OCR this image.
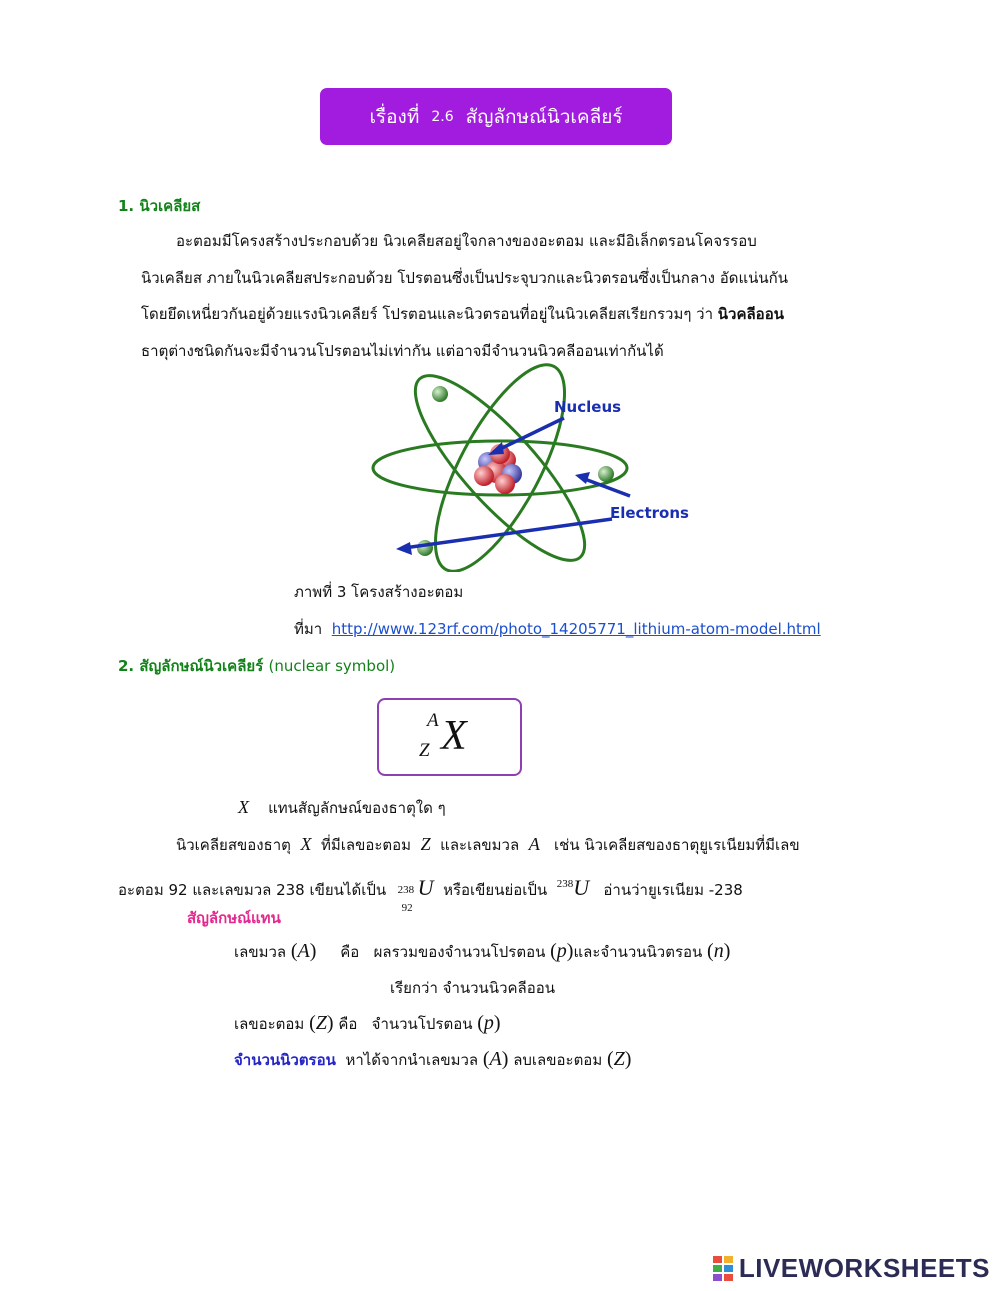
เรื่องที่ 2.6 สัญลักษณ์นิวเคลียร์
1. นิวเคลียส
อะตอมมีโครงสร้างประกอบด้วย นิวเคลียสอยู่ใจกลางของอะตอม และมีอิเล็กตรอนโคจรรอบ
นิวเคลียส ภายในนิวเคลียสประกอบด้วย โปรตอนซึ่งเป็นประจุบวกและนิวตรอนซึ่งเป็นกลาง อัดแน่นกัน
โดยยึดเหนี่ยวกันอยู่ด้วยแรงนิวเคลียร์ โปรตอนและนิวตรอนที่อยู่ในนิวเคลียสเรียกรวมๆ ว่า นิวคลีออน
ธาตุต่างชนิดกันจะมีจำนวนโปรตอนไม่เท่ากัน แต่อาจมีจำนวนนิวคลีออนเท่ากันได้
Nucleus
Electrons
ภาพที่ 3 โครงสร้างอะตอม
ที่มา http://www.123rf.com/photo_14205771_lithium-atom-model.html
2. สัญลักษณ์นิวเคลียร์ (nuclear symbol)
A
Z X
X แทนสัญลักษณ์ของธาตุใด ๆ
นิวเคลียสของธาตุ X ที่มีเลขอะตอม Z และเลขมวล A เช่น นิวเคลียสของธาตุยูเรเนียมที่มีเลข
อะตอม 92 และเลขมวล 238 เขียนได้เป็น 238
92
U หรือเขียนย่อเป็น $^{238}$U อ่านว่ายูเรเนียม -238
สัญลักษณ์แทน
เลขมวล (A) คือ ผลรวมของจำนวนโปรตอน (p)และจำนวนนิวตรอน (n)
เรียกว่า จำนวนนิวคลีออน
เลขอะตอม (Z) คือ จำนวนโปรตอน (p)
จำนวนนิวตรอน หาได้จากนำเลขมวล (A) ลบเลขอะตอม (Z)
LIVEWORKSHEETS
